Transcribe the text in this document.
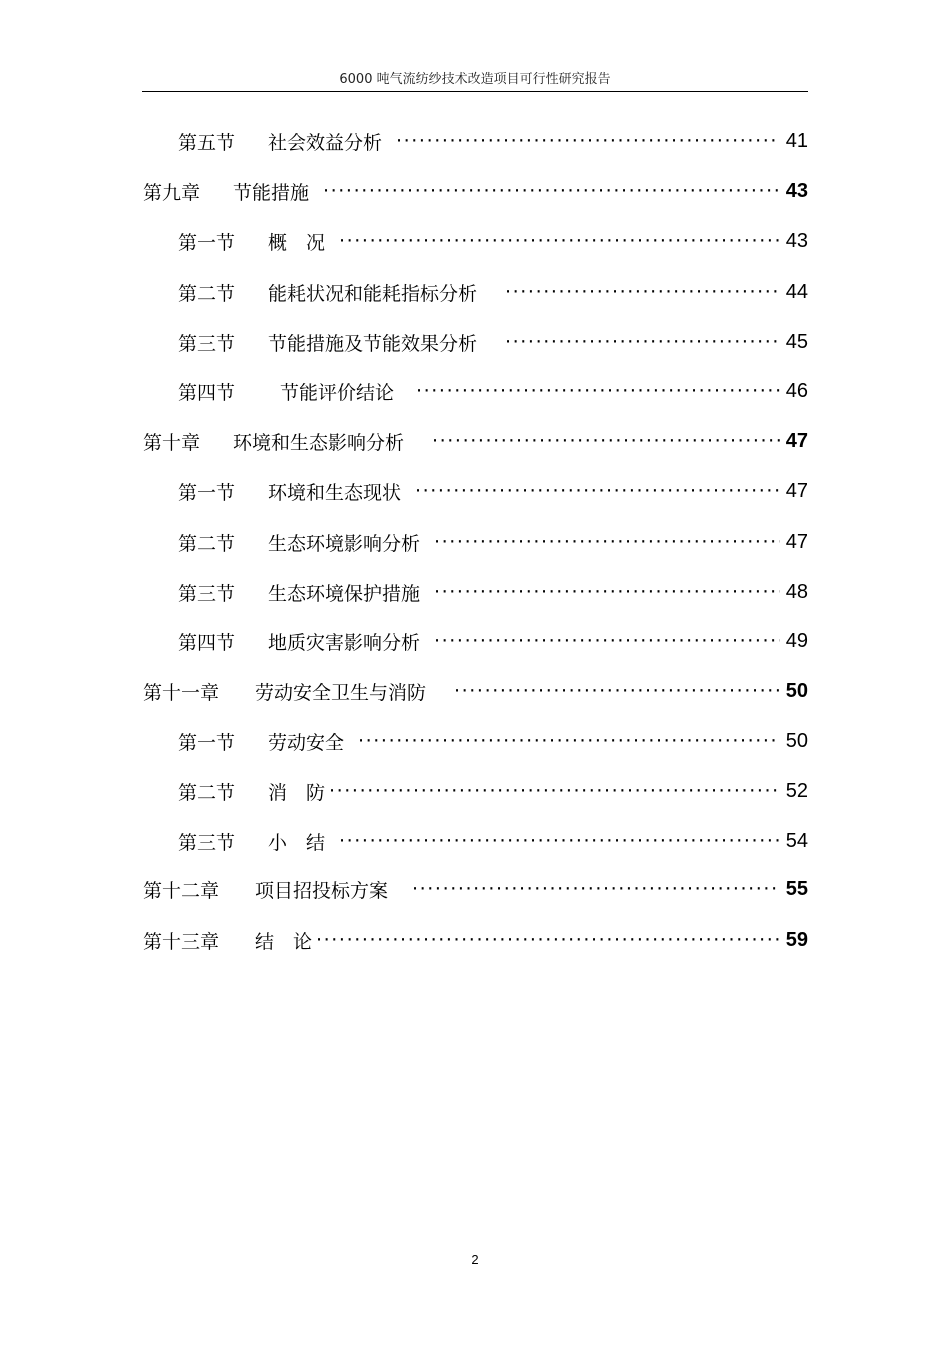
6000 吨气流纺纱技术改造项目可行性研究报告
第五节	社会效益分析 ·····	41
第九章	节能措施 ·····	43
第一节	概　况 ·····	43
第二节	能耗状况和能耗指标分析 ·····	44
第三节	节能措施及节能效果分析 ·····	45
第四节	节能评价结论 ·····	46
第十章	环境和生态影响分析 ·····	47
第一节	环境和生态现状 ·····	47
第二节	生态环境影响分析 ·····	47
第三节	生态环境保护措施 ·····	48
第四节	地质灾害影响分析 ·····	49
第十一章	劳动安全卫生与消防 ·····	50
第一节	劳动安全 ·····	50
第二节	消　防 ·····	52
第三节	小　结 ·····	54
第十二章	项目招投标方案 ·····	55
第十三章	结　论 ·····	59
2
